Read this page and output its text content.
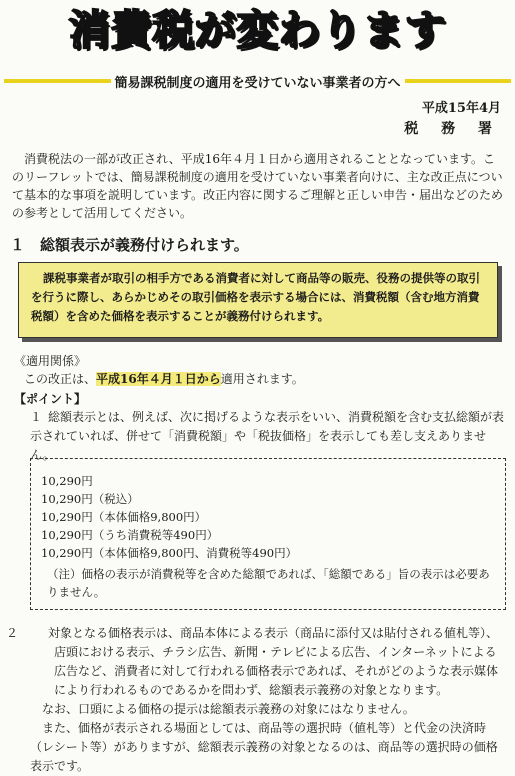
消費税が変わります
簡易課税制度の適用を受けていない事業者の方へ
平成15年4月
税 務 署
消費税法の一部が改正され、平成16年４月１日から適用されることとなっています。このリーフレットでは、簡易課税制度の適用を受けていない事業者向けに、主な改正点について基本的な事項を説明しています。改正内容に関するご理解と正しい申告・届出などのための参考として活用してください。
１ 総額表示が義務付けられます。

課税事業者が取引の相手方である消費者に対して商品等の販売、役務の提供等の取引を行うに際し、あらかじめその取引価格を表示する場合には、消費税額（含む地方消費税額）を含めた価格を表示することが義務付けられます。

《適用関係》
この改正は、平成16年４月１日から適用されます。
【ポイント】
１ 総額表示とは、例えば、次に掲げるような表示をいい、消費税額を含む支払総額が表示されていれば、併せて「消費税額」や「税抜価格」を表示しても差し支えありません。
10,290円
10,290円（税込）
10,290円（本体価格9,800円）
10,290円（うち消費税等490円）
10,290円（本体価格9,800円、消費税等490円）
（注）価格の表示が消費税等を含めた総額であれば、「総額である」旨の表示は必要ありません。
２ 対象となる価格表示は、商品本体による表示（商品に添付又は貼付される値札等）、店頭における表示、チラシ広告、新聞・テレビによる広告、インターネットによる広告など、消費者に対して行われる価格表示であれば、それがどのような表示媒体により行われるものであるかを問わず、総額表示義務の対象となります。
なお、口頭による価格の提示は総額表示義務の対象にはなりません。
また、価格が表示される場面としては、商品等の選択時（値札等）と代金の決済時（レシート等）がありますが、総額表示義務の対象となるのは、商品等の選択時の価格表示です。
